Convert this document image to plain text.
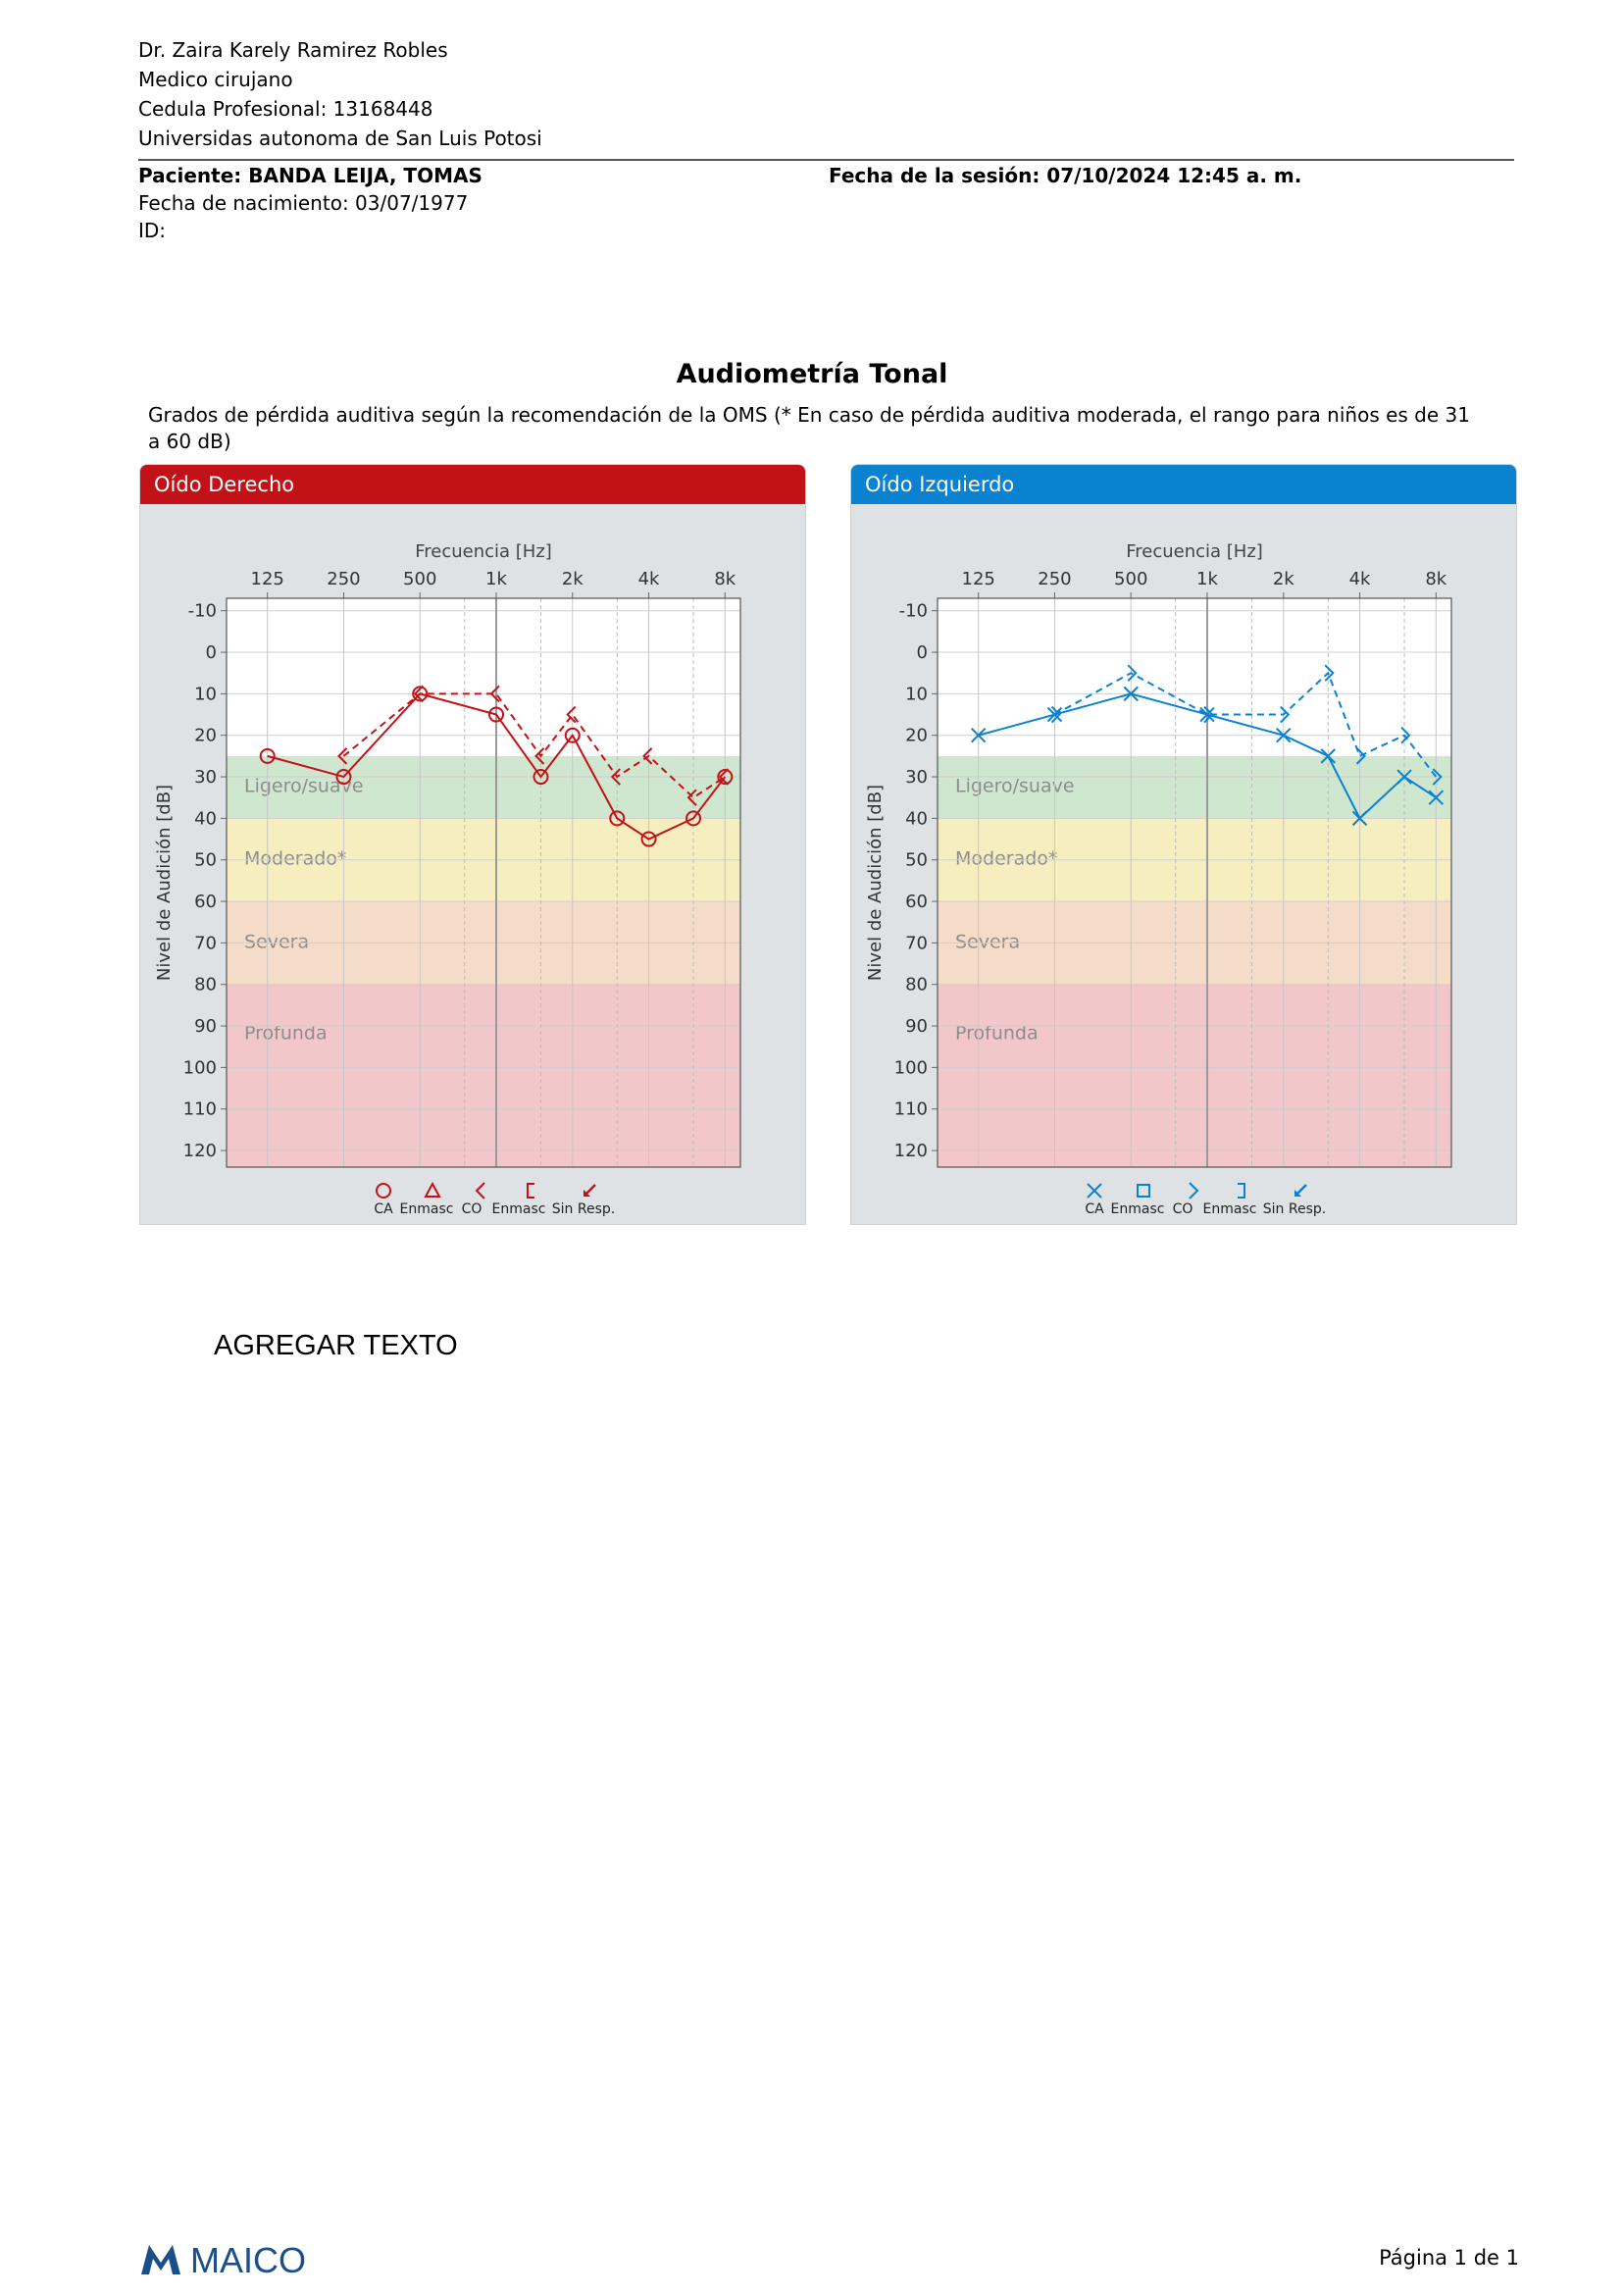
Dr. Zaira Karely Ramirez Robles
Medico cirujano
Cedula Profesional: 13168448
Universidas autonoma de San Luis Potosi
Paciente: BANDA LEIJA, TOMAS
Fecha de nacimiento: 03/07/1977
ID:
Fecha de la sesión: 07/10/2024 12:45 a. m.
Audiometría Tonal
Grados de pérdida auditiva según la recomendación de la OMS (* En caso de pérdida auditiva moderada, el rango para niños es de 31 a 60 dB)
Oído Derecho
Ligero/suave
Moderado*
Severa
Profunda
-10
0
10
20
30
40
50
60
70
80
90
100
110
120
125 250 500	1k	2k	4k	8k
Frecuencia [Hz]
Nivel de Audición [dB]
CA Enmasc CO Enmasc Sin Resp.
Oído Izquierdo
Ligero/suave
Moderado*
Severa
Profunda
-10
0
10
20
30
40
50
60
70
80
90
100
110
120
125 250 500	1k	2k	4k	8k
Frecuencia [Hz]
Nivel de Audición [dB]
CA Enmasc CO Enmasc Sin Resp.
AGREGAR TEXTO
MAICO	Página 1 de 1
